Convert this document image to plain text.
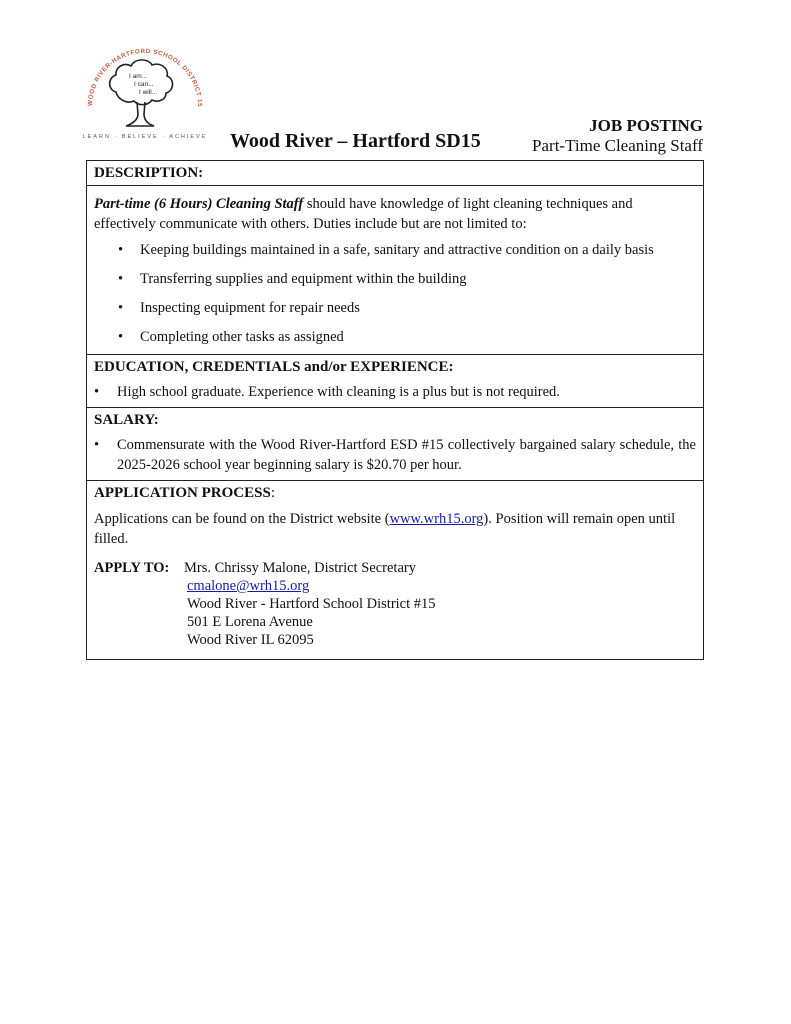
WOOD RIVER-HARTFORD SCHOOL DISTRICT 15
I am... I can... I will...
LEARN · BELIEVE · ACHIEVE Wood River – Hartford SD15
JOB POSTING
Part-Time Cleaning Staff
DESCRIPTION:

Part-time (6 Hours) Cleaning Staff should have knowledge of light cleaning techniques and effectively communicate with others. Duties include but are not limited to:

•	Keeping buildings maintained in a safe, sanitary and attractive condition on a daily basis
•	Transferring supplies and equipment within the building
•	Inspecting equipment for repair needs
•	Completing other tasks as assigned
EDUCATION, CREDENTIALS and/or EXPERIENCE:
•	High school graduate. Experience with cleaning is a plus but is not required.
SALARY:
•	Commensurate with the Wood River-Hartford ESD #15 collectively bargained salary schedule, the 2025-2026 school year beginning salary is $20.70 per hour.
APPLICATION PROCESS:

Applications can be found on the District website (www.wrh15.org). Position will remain open until filled.

APPLY TO:	Mrs. Chrissy Malone, District Secretary
cmalone@wrh15.org
Wood River - Hartford School District #15
501 E Lorena Avenue
Wood River IL 62095
